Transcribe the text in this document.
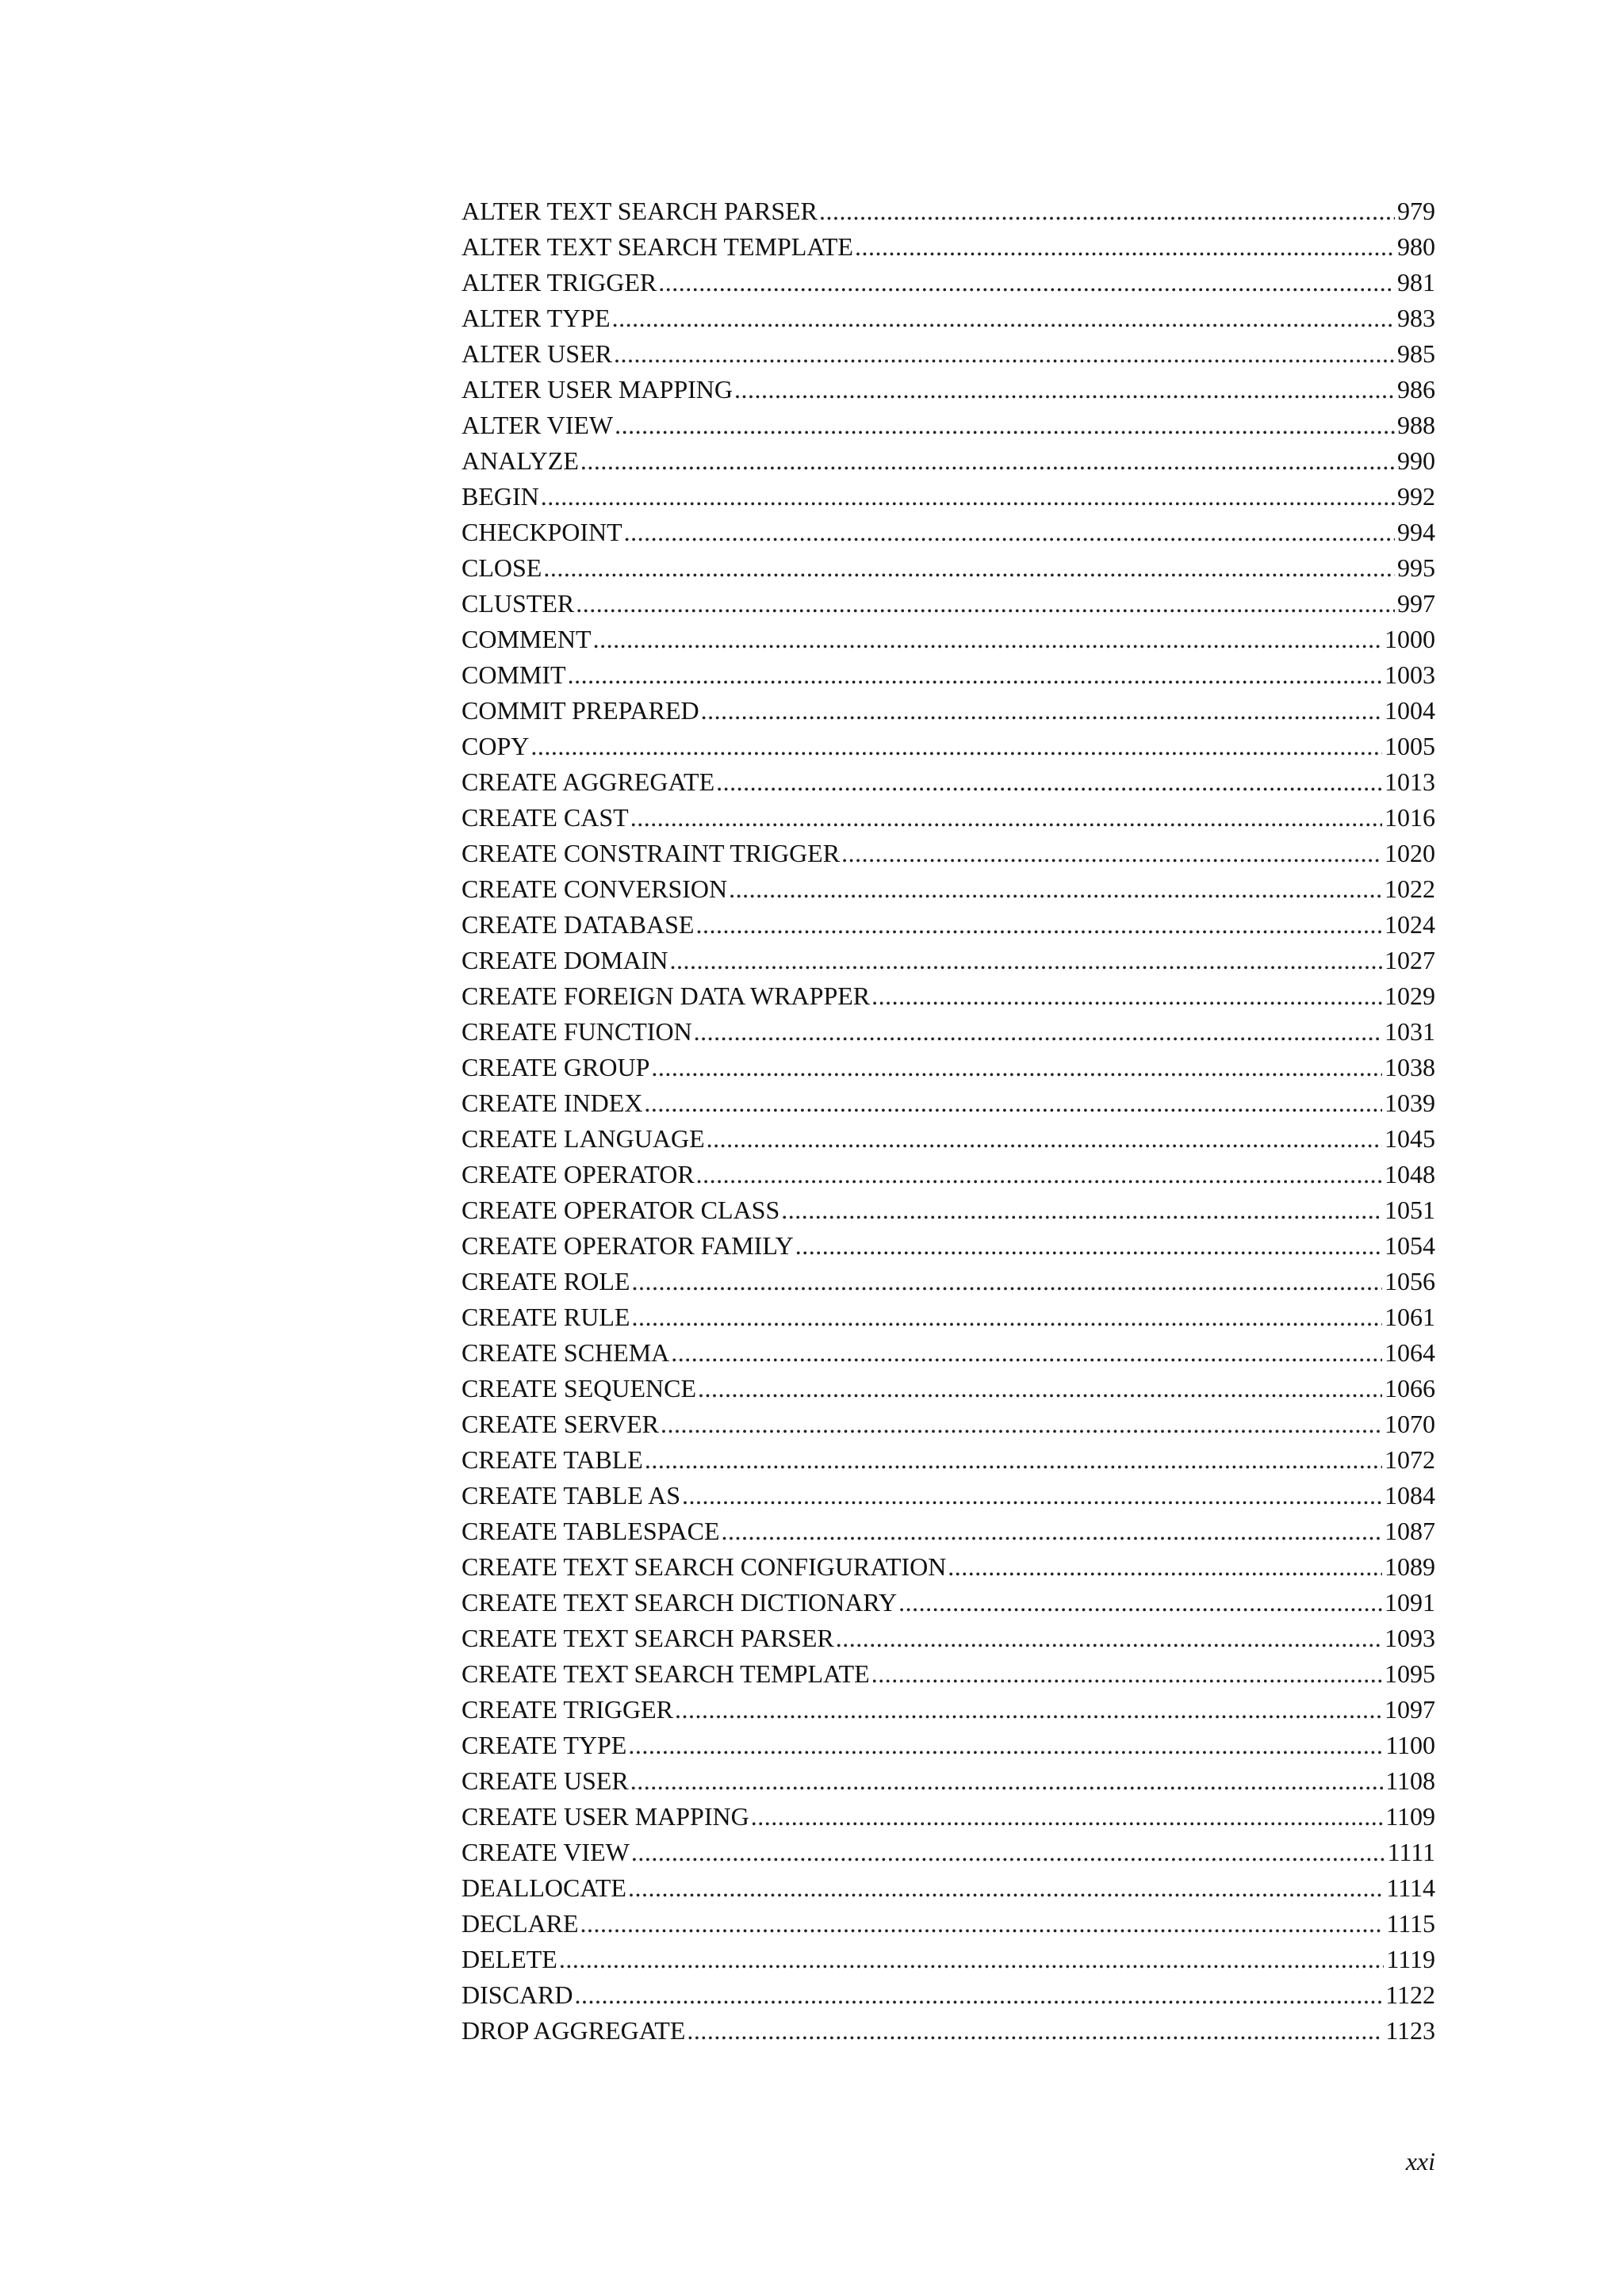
ALTER TEXT SEARCH PARSER .....	979
ALTER TEXT SEARCH TEMPLATE .....	980
ALTER TRIGGER .....	981
ALTER TYPE .....	983
ALTER USER .....	985
ALTER USER MAPPING .....	986
ALTER VIEW .....	988
ANALYZE .....	990
BEGIN .....	992
CHECKPOINT .....	994
CLOSE .....	995
CLUSTER .....	997
COMMENT .....	1000
COMMIT .....	1003
COMMIT PREPARED .....	1004
COPY .....	1005
CREATE AGGREGATE .....	1013
CREATE CAST .....	1016
CREATE CONSTRAINT TRIGGER .....	1020
CREATE CONVERSION .....	1022
CREATE DATABASE .....	1024
CREATE DOMAIN .....	1027
CREATE FOREIGN DATA WRAPPER .....	1029
CREATE FUNCTION .....	1031
CREATE GROUP .....	1038
CREATE INDEX .....	1039
CREATE LANGUAGE .....	1045
CREATE OPERATOR .....	1048
CREATE OPERATOR CLASS .....	1051
CREATE OPERATOR FAMILY .....	1054
CREATE ROLE .....	1056
CREATE RULE .....	1061
CREATE SCHEMA .....	1064
CREATE SEQUENCE .....	1066
CREATE SERVER .....	1070
CREATE TABLE .....	1072
CREATE TABLE AS .....	1084
CREATE TABLESPACE .....	1087
CREATE TEXT SEARCH CONFIGURATION .....	1089
CREATE TEXT SEARCH DICTIONARY .....	1091
CREATE TEXT SEARCH PARSER .....	1093
CREATE TEXT SEARCH TEMPLATE .....	1095
CREATE TRIGGER .....	1097
CREATE TYPE .....	1100
CREATE USER .....	1108
CREATE USER MAPPING .....	1109
CREATE VIEW .....	1111
DEALLOCATE .....	1114
DECLARE .....	1115
DELETE .....	1119
DISCARD .....	1122
DROP AGGREGATE .....	1123
xxi
